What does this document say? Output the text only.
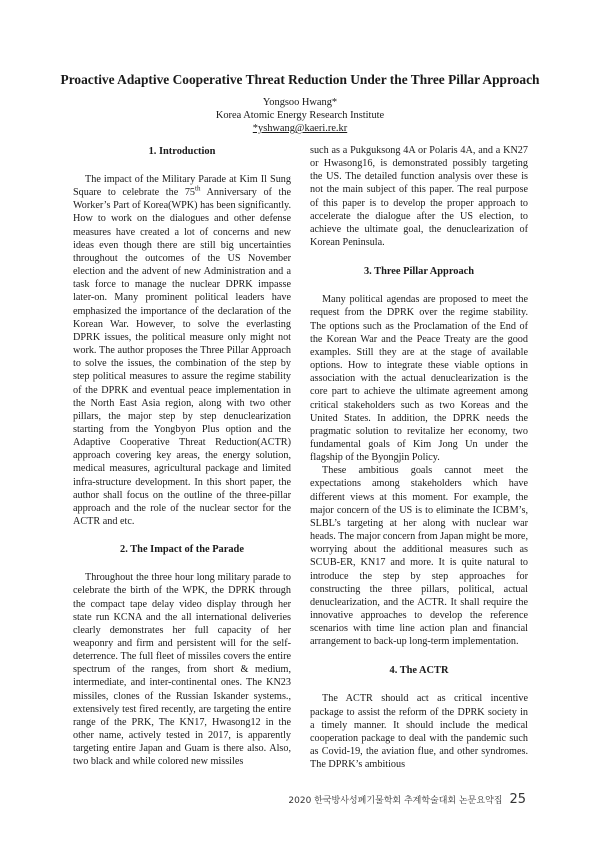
Proactive Adaptive Cooperative Threat Reduction Under the Three Pillar Approach
Yongsoo Hwang*
Korea Atomic Energy Research Institute
*yshwang@kaeri.re.kr
1. Introduction

The impact of the Military Parade at Kim Il Sung Square to celebrate the 75th Anniversary of the Worker’s Part of Korea(WPK) has been significantly. How to work on the dialogues and other defense measures have created a lot of concerns and new ideas even though there are still big uncertainties throughout the outcomes of the US November election and the advent of new Administration and a task force to manage the nuclear DPRK impasse later-on. Many prominent political leaders have emphasized the importance of the declaration of the Korean War. However, to solve the everlasting DPRK issues, the political measure only might not work. The author proposes the Three Pillar Approach to solve the issues, the combination of the step by step political measures to assure the regime stability of the DPRK and eventual peace implementation in the North East Asia region, along with two other pillars, the major step by step denuclearization starting from the Yongbyon Plus option and the Adaptive Cooperative Threat Reduction(ACTR) approach covering key areas, the energy solution, medical measures, agricultural package and limited infra-structure development. In this short paper, the author shall focus on the outline of the three-pillar approach and the role of the nuclear sector for the ACTR and etc.

2. The Impact of the Parade

Throughout the three hour long military parade to celebrate the birth of the WPK, the DPRK through the compact tape delay video display through her state run KCNA and the all international deliveries clearly demonstrates her full capacity of her weaponry and firm and persistent will for the self-deterrence. The full fleet of missiles covers the entire spectrum of the ranges, from short & medium, intermediate, and inter-continental ones. The KN23 missiles, clones of the Russian Iskander systems., extensively test fired recently, are targeting the entire range of the PRK, The KN17, Hwasong12 in the other name, actively tested in 2017, is apparently targeting entire Japan and Guam is there also. Also, two black and while colored new missiles

such as a Pukguksong 4A or Polaris 4A, and a KN27 or Hwasong16, is demonstrated possibly targeting the US. The detailed function analysis over these is not the main subject of this paper. The real purpose of this paper is to develop the proper approach to accelerate the dialogue after the US election, to achieve the ultimate goal, the denuclearization of Korean Peninsula.

3. Three Pillar Approach

Many political agendas are proposed to meet the request from the DPRK over the regime stability. The options such as the Proclamation of the End of the Korean War and the Peace Treaty are the good examples. Still they are at the stage of available options. How to integrate these viable options in association with the actual denuclearization is the core part to achieve the ultimate agreement among critical stakeholders such as two Koreas and the United States. In addition, the DPRK needs the pragmatic solution to revitalize her economy, two fundamental goals of Kim Jong Un under the flagship of the Byongjin Policy.

These ambitious goals cannot meet the expectations among stakeholders which have different views at this moment. For example, the major concern of the US is to eliminate the ICBM’s, SLBL’s targeting at her along with nuclear war heads. The major concern from Japan might be more, worrying about the additional measures such as SCUB-ER, KN17 and more. It is quite natural to introduce the step by step approaches for constructing the three pillars, political, actual denuclearization, and the ACTR. It shall require the innovative approaches to develop the reference scenarios with time line action plan and financial arrangement to back-up long-term implementation.

4. The ACTR

The ACTR should act as critical incentive package to assist the reform of the DPRK society in a timely manner. It should include the medical cooperation package to deal with the pandemic such as Covid-19, the aviation flue, and other syndromes. The DPRK’s ambitious

2020 한국방사성폐기물학회 추계학술대회 논문요약집 25
